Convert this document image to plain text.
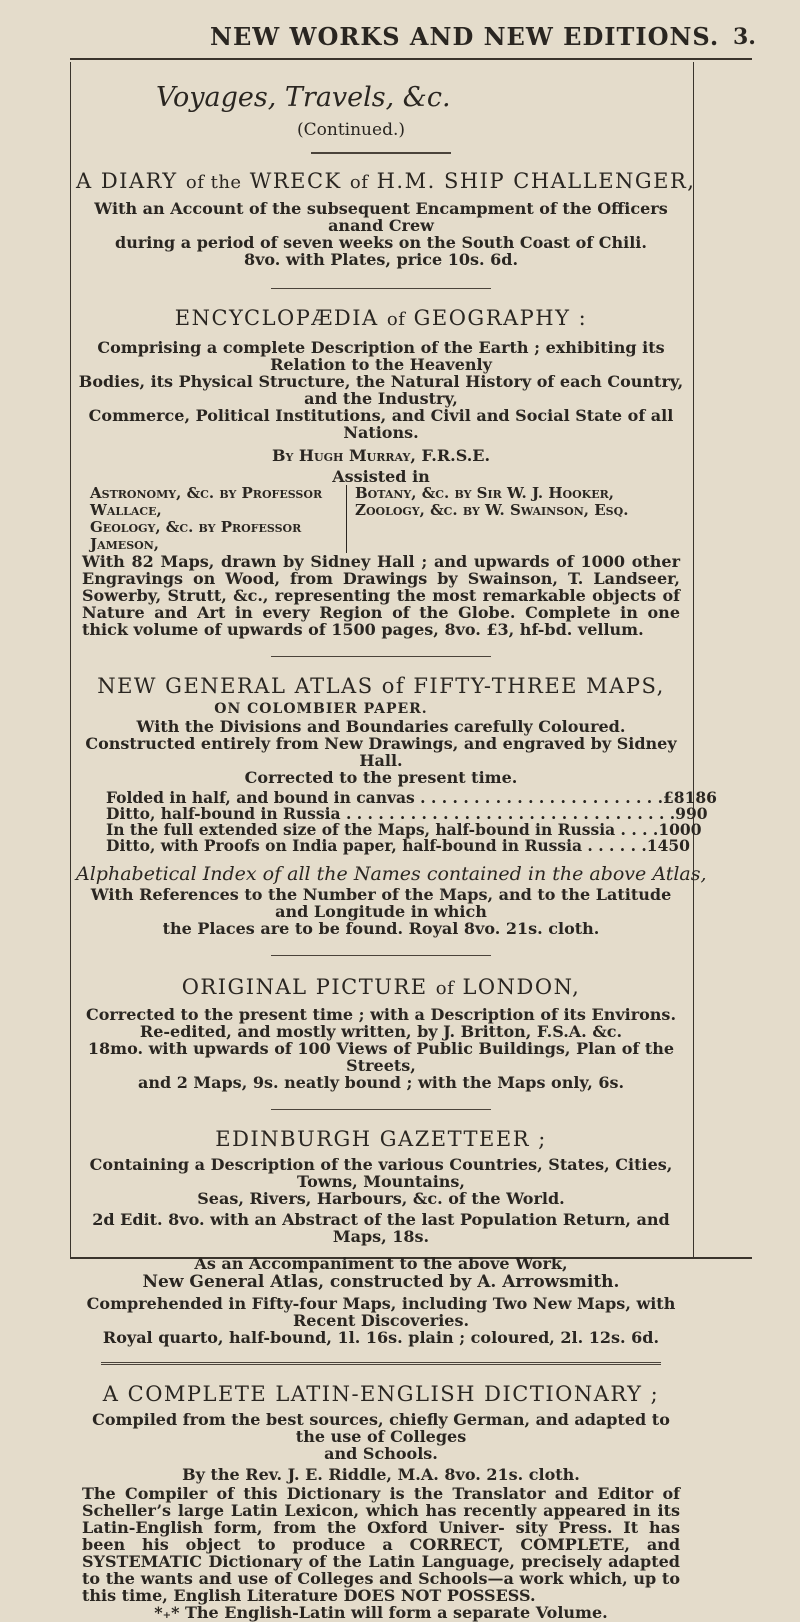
NEW WORKS AND NEW EDITIONS. 3.
Voyages, Travels, &c.
(Continued.)
A DIARY of the WRECK of H.M. SHIP CHALLENGER,
With an Account of the subsequent Encampment of the Officers anand Crew
during a period of seven weeks on the South Coast of Chili.
8vo. with Plates, price 10s. 6d.
ENCYCLOPÆDIA of GEOGRAPHY :
Comprising a complete Description of the Earth ; exhibiting its Relation to the Heavenly
Bodies, its Physical Structure, the Natural History of each Country, and the Industry,
Commerce, Political Institutions, and Civil and Social State of all Nations.
By Hugh Murray, F.R.S.E.
Assisted in
Astronomy, &c. by Professor Wallace,
Geology, &c. by Professor Jameson,
Botany, &c. by Sir W. J. Hooker,
Zoology, &c. by W. Swainson, Esq.
With 82 Maps, drawn by Sidney Hall ; and upwards of 1000 other Engravings on Wood, from Drawings by Swainson, T. Landseer, Sowerby, Strutt, &c., representing the most remarkable objects of Nature and Art in every Region of the Globe. Complete in one thick volume of upwards of 1500 pages, 8vo. £3, hf-bd. vellum.
NEW GENERAL ATLAS of FIFTY-THREE MAPS,
ON COLOMBIER PAPER.
With the Divisions and Boundaries carefully Coloured.
Constructed entirely from New Drawings, and engraved by Sidney Hall.
Corrected to the present time.
Folded in half, and bound in canvas . . . . . . . . . . . . . . . . . . . . . . . £8 18 6
Ditto, half-bound in Russia . . . . . . . . . . . . . . . . . . . . . . . . . . . . . . . 9 9 0
In the full extended size of the Maps, half-bound in Russia . . . . 10 0 0
Ditto, with Proofs on India paper, half-bound in Russia . . . . . . 14 5 0
Alphabetical Index of all the Names contained in the above Atlas,
With References to the Number of the Maps, and to the Latitude and Longitude in which
the Places are to be found. Royal 8vo. 21s. cloth.
ORIGINAL PICTURE of LONDON,
Corrected to the present time ; with a Description of its Environs.
Re-edited, and mostly written, by J. Britton, F.S.A. &c.
18mo. with upwards of 100 Views of Public Buildings, Plan of the Streets,
and 2 Maps, 9s. neatly bound ; with the Maps only, 6s.
EDINBURGH GAZETTEER ;
Containing a Description of the various Countries, States, Cities, Towns, Mountains,
Seas, Rivers, Harbours, &c. of the World.
2d Edit. 8vo. with an Abstract of the last Population Return, and Maps, 18s.
As an Accompaniment to the above Work,
New General Atlas, constructed by A. Arrowsmith.
Comprehended in Fifty-four Maps, including Two New Maps, with Recent Discoveries.
Royal quarto, half-bound, 1l. 16s. plain ; coloured, 2l. 12s. 6d.
A COMPLETE LATIN-ENGLISH DICTIONARY ;
Compiled from the best sources, chiefly German, and adapted to the use of Colleges
and Schools.
By the Rev. J. E. Riddle, M.A. 8vo. 21s. cloth.
The Compiler of this Dictionary is the Translator and Editor of Scheller’s large Latin Lexicon, which has recently appeared in its Latin-English form, from the Oxford Univer- sity Press. It has been his object to produce a CORRECT, COMPLETE, and SYSTEMATIC Dictionary of the Latin Language, precisely adapted to the wants and use of Colleges and Schools—a work which, up to this time, English Literature DOES NOT POSSESS.
*₊* The English-Latin will form a separate Volume.
